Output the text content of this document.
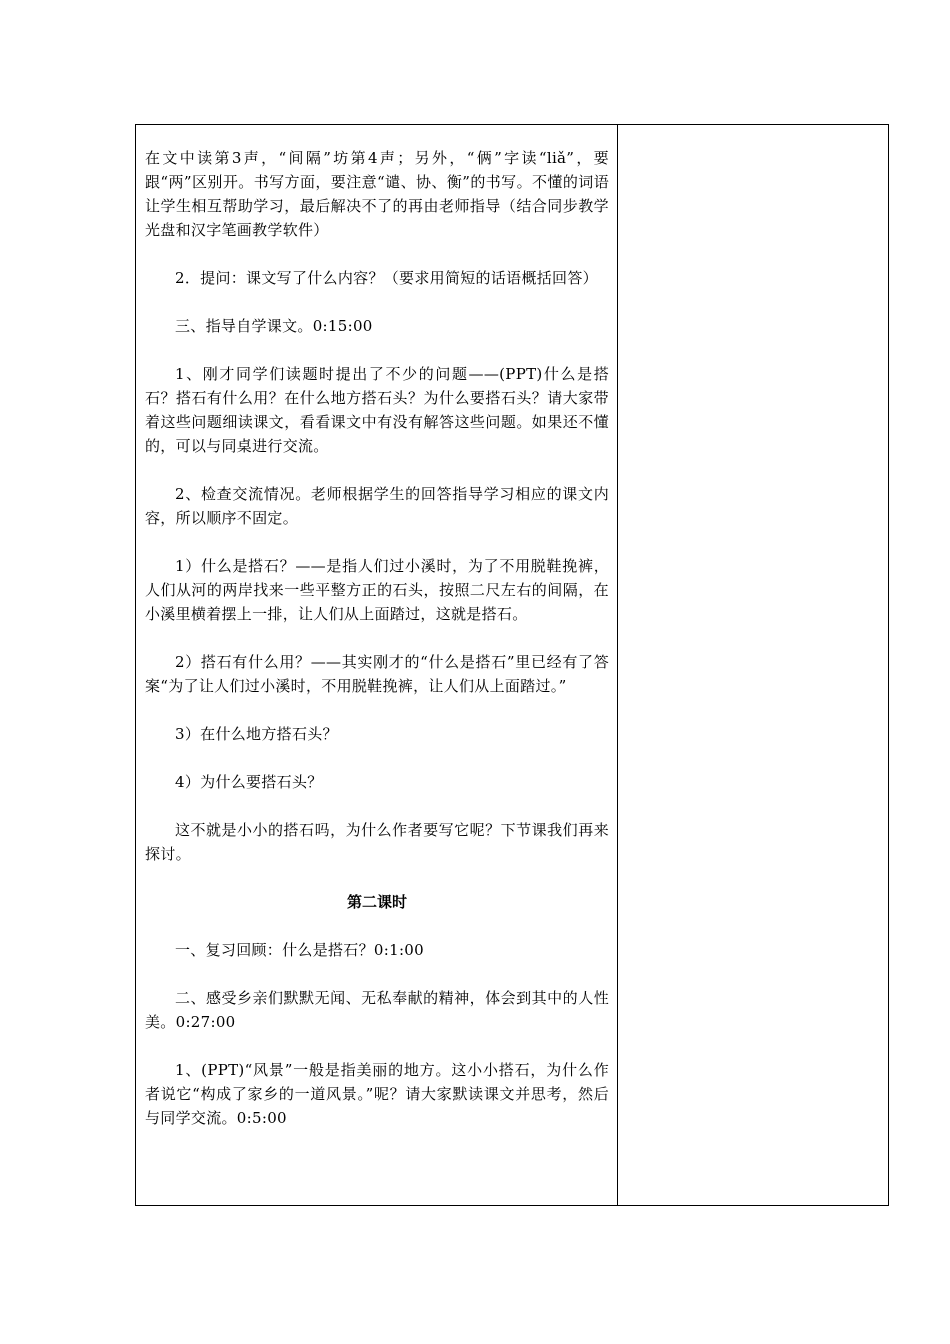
在文中读第3声，“间隔”坊第4声；另外，“俩”字读“liǎ”，要跟“两”区别开。书写方面，要注意“谴、协、衡”的书写。不懂的词语让学生相互帮助学习，最后解决不了的再由老师指导（结合同步教学光盘和汉字笔画教学软件）

2．提问：课文写了什么内容？（要求用简短的话语概括回答）

三、指导自学课文。0:15:00

1、刚才同学们读题时提出了不少的问题——(PPT)什么是搭石？搭石有什么用？在什么地方搭石头？为什么要搭石头？请大家带着这些问题细读课文，看看课文中有没有解答这些问题。如果还不懂的，可以与同桌进行交流。

2、检查交流情况。老师根据学生的回答指导学习相应的课文内容，所以顺序不固定。

1）什么是搭石？——是指人们过小溪时，为了不用脱鞋挽裤，人们从河的两岸找来一些平整方正的石头，按照二尺左右的间隔，在小溪里横着摆上一排，让人们从上面踏过，这就是搭石。

2）搭石有什么用？——其实刚才的“什么是搭石”里已经有了答案“为了让人们过小溪时，不用脱鞋挽裤，让人们从上面踏过。”

3）在什么地方搭石头？

4）为什么要搭石头？

这不就是小小的搭石吗，为什么作者要写它呢？下节课我们再来探讨。

第二课时

一、复习回顾：什么是搭石？0:1:00

二、感受乡亲们默默无闻、无私奉献的精神，体会到其中的人性美。0:27:00

1、(PPT)“风景”一般是指美丽的地方。这小小搭石，为什么作者说它“构成了家乡的一道风景。”呢？请大家默读课文并思考，然后与同学交流。0:5:00
